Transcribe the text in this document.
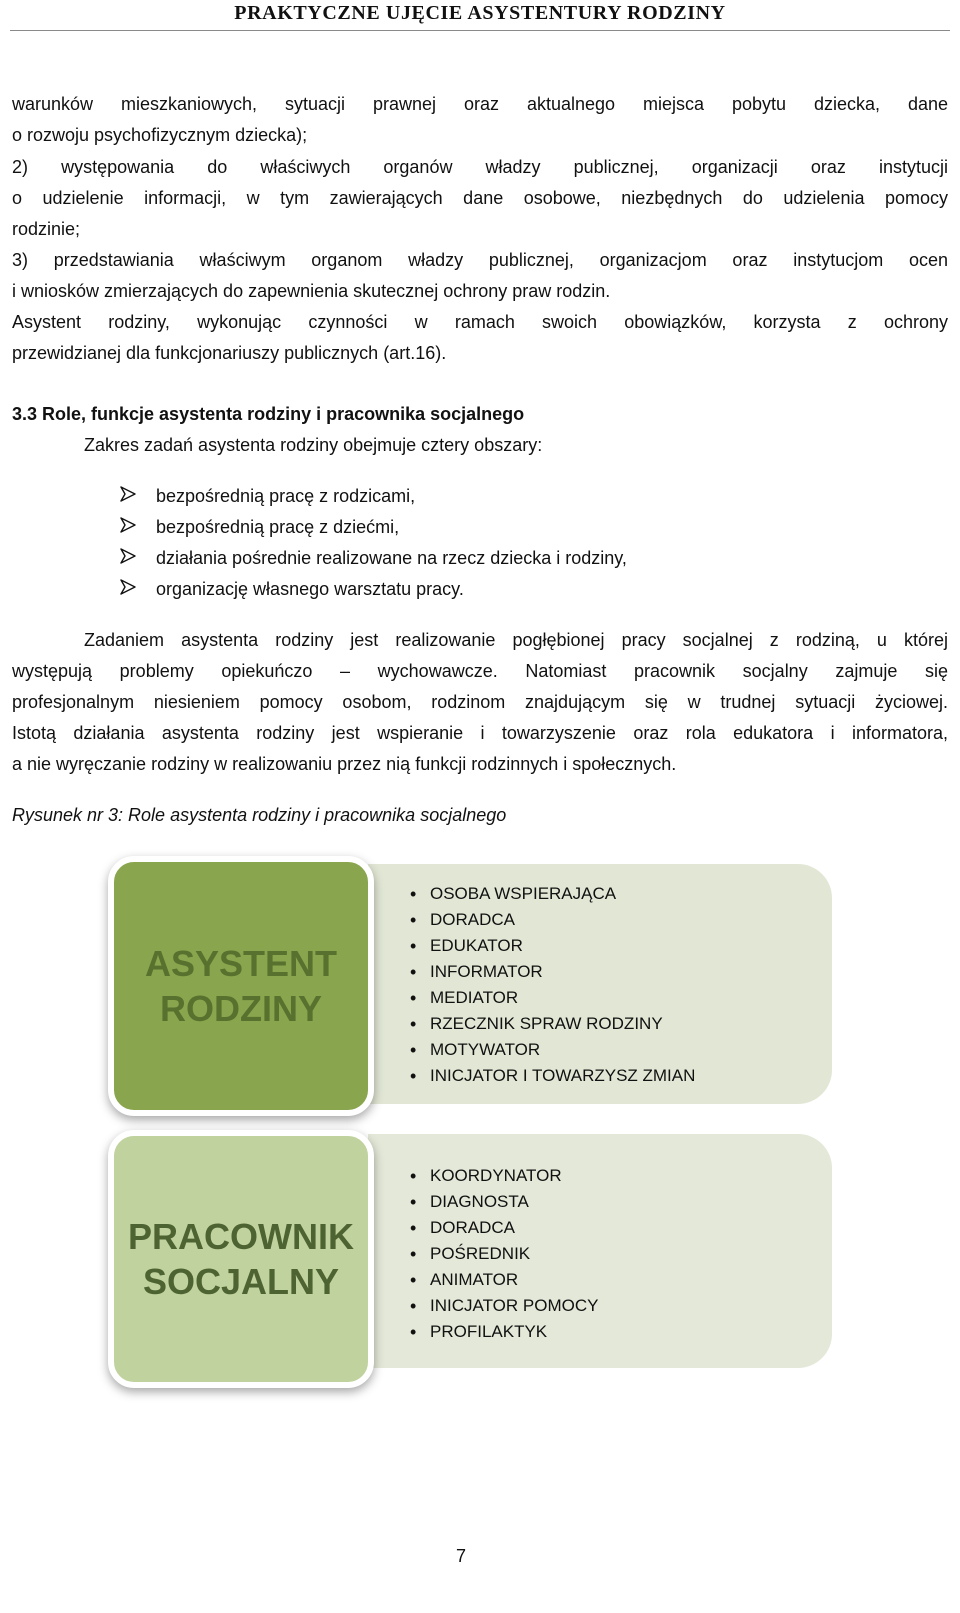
PRAKTYCZNE UJĘCIE ASYSTENTURY RODZINY
warunków mieszkaniowych, sytuacji prawnej oraz aktualnego miejsca pobytu dziecka, dane
o rozwoju psychofizycznym dziecka);
2) występowania do właściwych organów władzy publicznej, organizacji oraz instytucji
o udzielenie informacji, w tym zawierających dane osobowe, niezbędnych do udzielenia pomocy
rodzinie;
3) przedstawiania właściwym organom władzy publicznej, organizacjom oraz instytucjom ocen
i wniosków zmierzających do zapewnienia skutecznej ochrony praw rodzin.
Asystent rodziny, wykonując czynności w ramach swoich obowiązków, korzysta z ochrony
przewidzianej dla funkcjonariuszy publicznych (art.16).
3.3 Role, funkcje asystenta rodziny i pracownika socjalnego
Zakres zadań asystenta rodziny obejmuje cztery obszary:
bezpośrednią pracę z rodzicami,
bezpośrednią pracę z dziećmi,
działania pośrednie realizowane na rzecz dziecka i rodziny,
organizację własnego warsztatu pracy.
Zadaniem asystenta rodziny jest realizowanie pogłębionej pracy socjalnej z rodziną, u której
występują problemy opiekuńczo – wychowawcze. Natomiast pracownik socjalny zajmuje się
profesjonalnym niesieniem pomocy osobom, rodzinom znajdującym się w trudnej sytuacji życiowej.
Istotą działania asystenta rodziny jest wspieranie i towarzyszenie oraz rola edukatora i informatora,
a nie wyręczanie rodziny w realizowaniu przez nią funkcji rodzinnych i społecznych.
Rysunek nr 3: Role asystenta rodziny i pracownika socjalnego
ASYSTENT
RODZINY
• OSOBA WSPIERAJĄCA
• DORADCA
• EDUKATOR
• INFORMATOR
• MEDIATOR
• RZECZNIK SPRAW RODZINY
• MOTYWATOR
• INICJATOR I TOWARZYSZ ZMIAN
PRACOWNIK
SOCJALNY
• KOORDYNATOR
• DIAGNOSTA
• DORADCA
• POŚREDNIK
• ANIMATOR
• INICJATOR POMOCY
• PROFILAKTYK
7
